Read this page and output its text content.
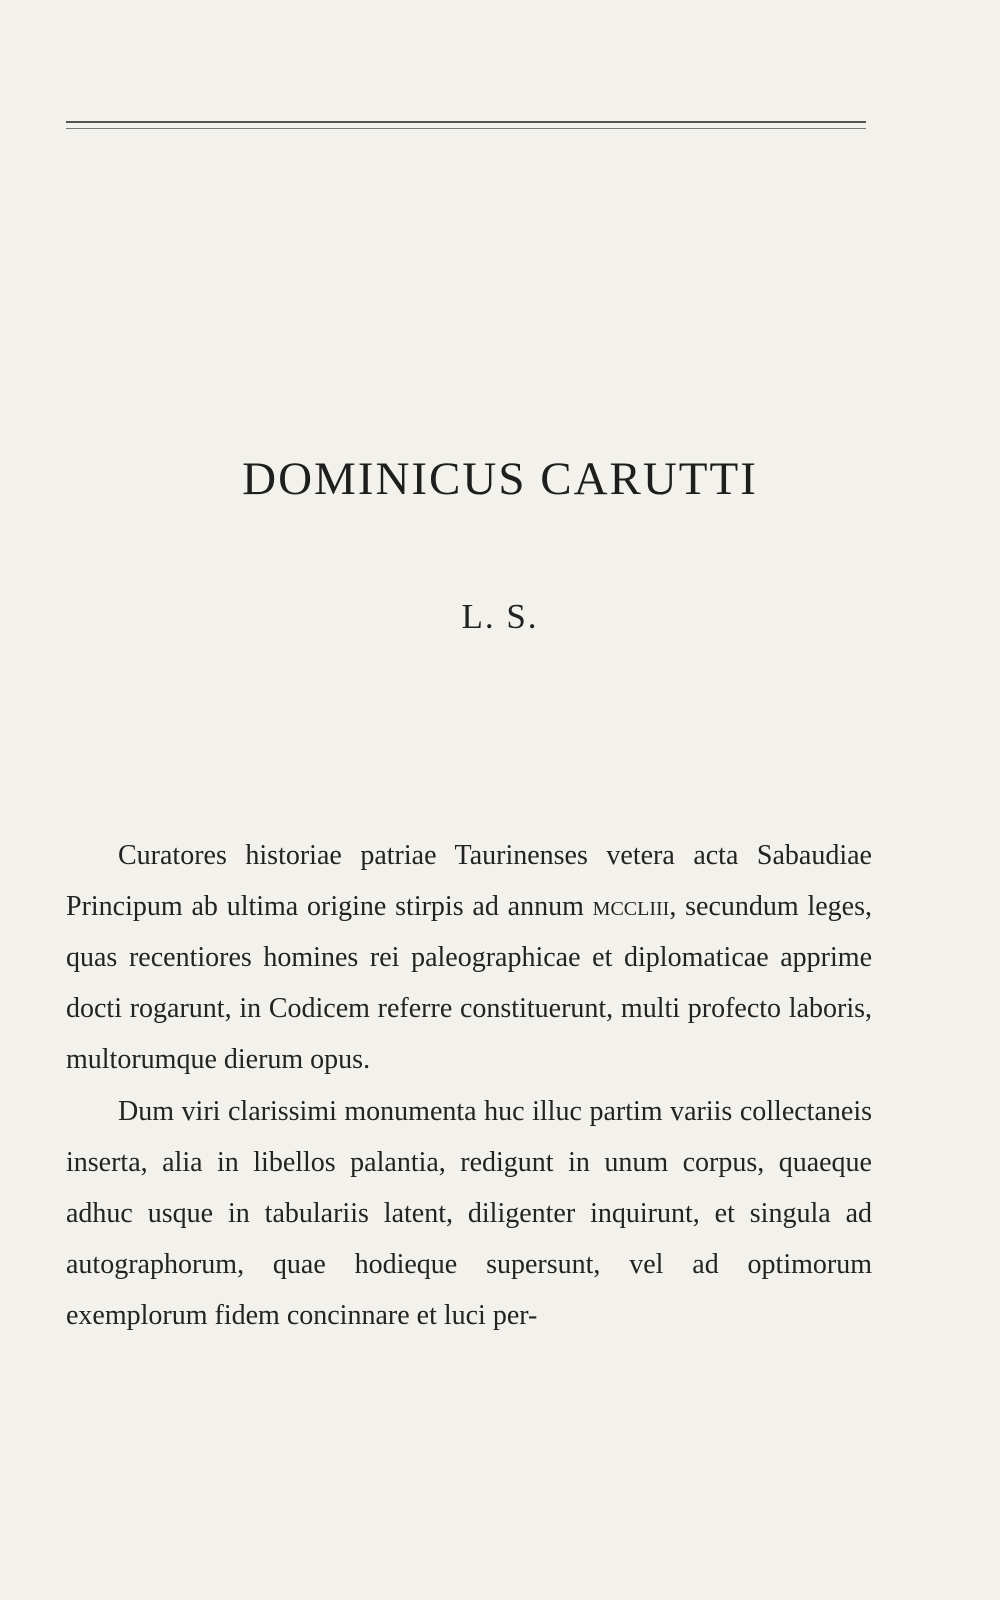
DOMINICUS CARUTTI
L. S.

Curatores historiae patriae Taurinenses vetera acta Sabaudiae Principum ab ultima origine stirpis ad annum mccliii, secundum leges, quas recentiores homines rei paleographicae et diplomaticae apprime docti rogarunt, in Codicem referre constituerunt, multi profecto laboris, multorumque dierum opus.

Dum viri clarissimi monumenta huc illuc partim variis collectaneis inserta, alia in libellos palantia, redigunt in unum corpus, quaeque adhuc usque in tabulariis latent, diligenter inquirunt, et singula ad autographorum, quae hodieque supersunt, vel ad optimorum exemplorum fidem concinnare et luci per-
